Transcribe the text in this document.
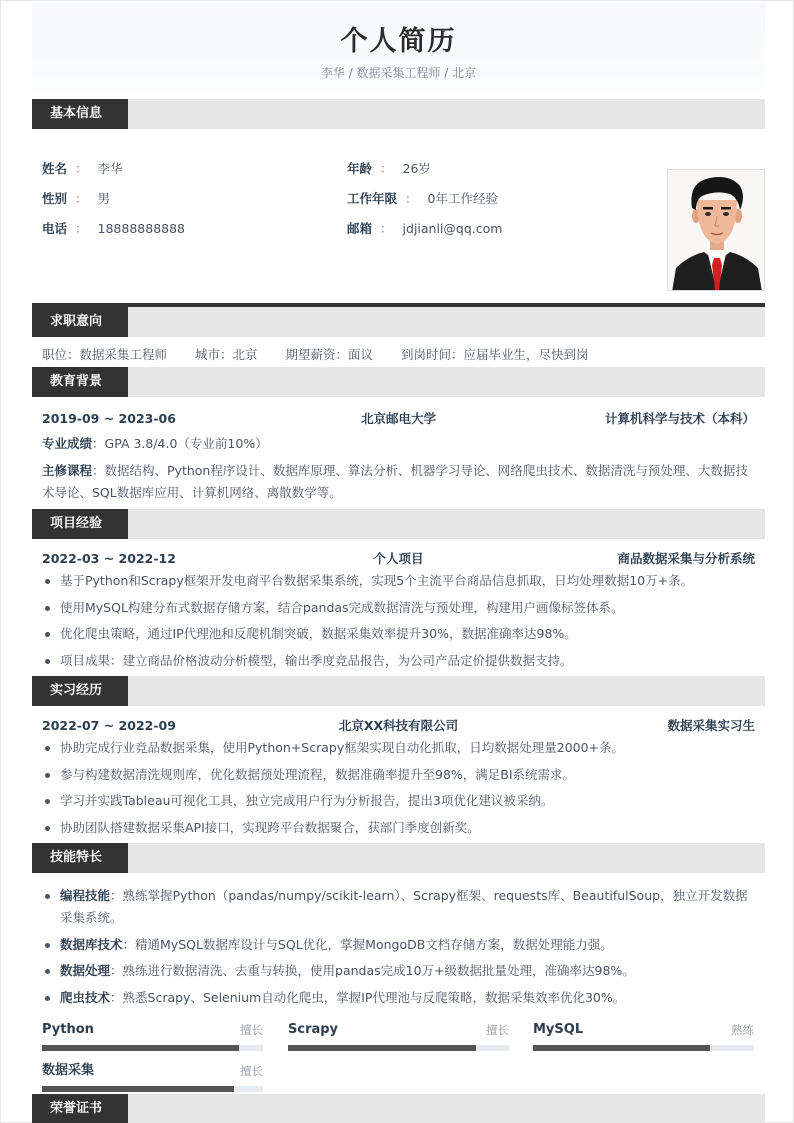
个人简历
李华 / 数据采集工程师 / 北京
基本信息
姓名 ： 李华
性别 ： 男
电话 ： 18888888888
年龄 ： 26岁
工作年限 ： 0年工作经验
邮箱 ： jdjianli@qq.com
求职意向
职位：数据采集工程师 城市：北京 期望薪资：面议 到岗时间：应届毕业生，尽快到岗
教育背景
2019-09 ~ 2023-06	北京邮电大学	计算机科学与技术（本科）
专业成绩：GPA 3.8/4.0（专业前10%）
主修课程：数据结构、Python程序设计、数据库原理、算法分析、机器学习导论、网络爬虫技术、数据清洗与预处理、大数据技术导论、SQL数据库应用、计算机网络、离散数学等。
项目经验
2022-03 ~ 2022-12	个人项目	商品数据采集与分析系统
基于Python和Scrapy框架开发电商平台数据采集系统，实现5个主流平台商品信息抓取，日均处理数据10万+条。
使用MySQL构建分布式数据存储方案，结合pandas完成数据清洗与预处理，构建用户画像标签体系。
优化爬虫策略，通过IP代理池和反爬机制突破，数据采集效率提升30%，数据准确率达98%。
项目成果：建立商品价格波动分析模型，输出季度竞品报告，为公司产品定价提供数据支持。
实习经历
2022-07 ~ 2022-09	北京XX科技有限公司	数据采集实习生
协助完成行业竞品数据采集，使用Python+Scrapy框架实现自动化抓取，日均数据处理量2000+条。
参与构建数据清洗规则库，优化数据预处理流程，数据准确率提升至98%，满足BI系统需求。
学习并实践Tableau可视化工具，独立完成用户行为分析报告，提出3项优化建议被采纳。
协助团队搭建数据采集API接口，实现跨平台数据聚合，获部门季度创新奖。
技能特长
编程技能：熟练掌握Python（pandas/numpy/scikit-learn）、Scrapy框架、requests库、BeautifulSoup，独立开发数据采集系统。
数据库技术：精通MySQL数据库设计与SQL优化，掌握MongoDB文档存储方案，数据处理能力强。
数据处理：熟练进行数据清洗、去重与转换，使用pandas完成10万+级数据批量处理，准确率达98%。
爬虫技术：熟悉Scrapy、Selenium自动化爬虫，掌握IP代理池与反爬策略，数据采集效率优化30%。
Python	擅长 Scrapy	擅长 MySQL	熟练
数据采集	擅长
荣誉证书
